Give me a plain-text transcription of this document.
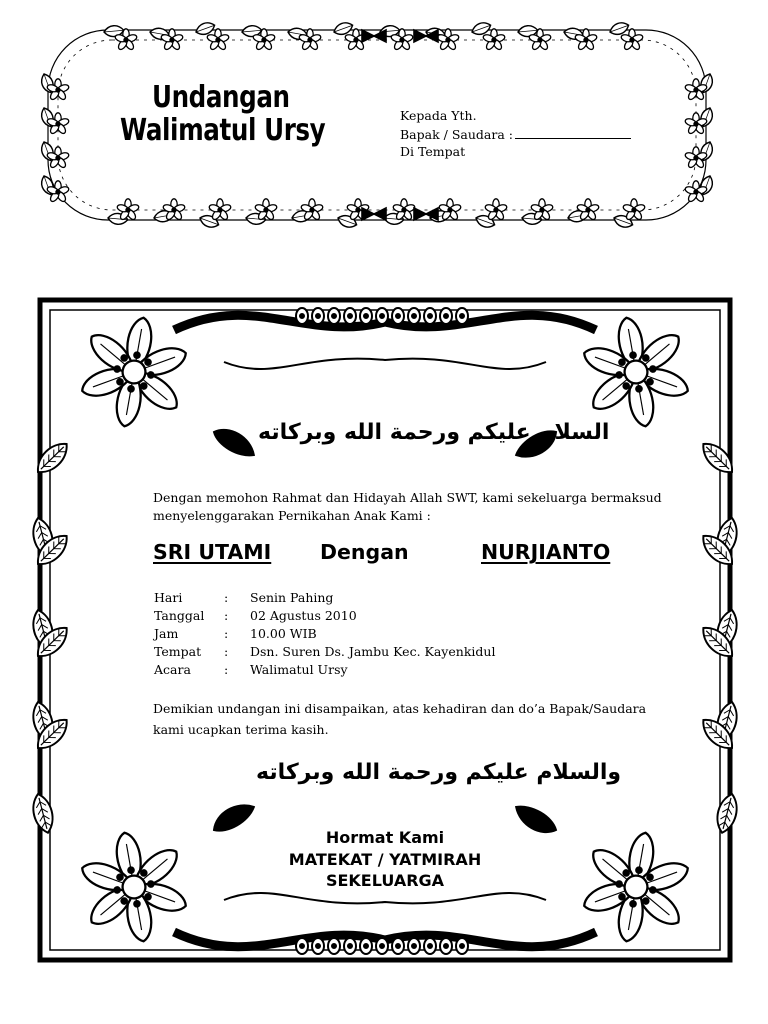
Undangan
Walimatul Ursy	Kepada Yth.
Bapak / Saudara :
Di Tempat
السلام عليكم ورحمة الله وبركاته
Dengan memohon Rahmat dan Hidayah Allah SWT, kami sekeluarga bermaksud menyelenggarakan Pernikahan Anak Kami :
SRI UTAMI Dengan	NURJIANTO
Hari	: Senin Pahing
Tanggal : 02 Agustus 2010
Jam	: 10.00 WIB
Tempat : Dsn. Suren Ds. Jambu Kec. Kayenkidul
Acara	: Walimatul Ursy
Demikian undangan ini disampaikan, atas kehadiran dan do’a Bapak/Saudara kami ucapkan terima kasih.
والسلام عليكم ورحمة الله وبركاته
Hormat Kami
MATEKAT / YATMIRAH
SEKELUARGA
